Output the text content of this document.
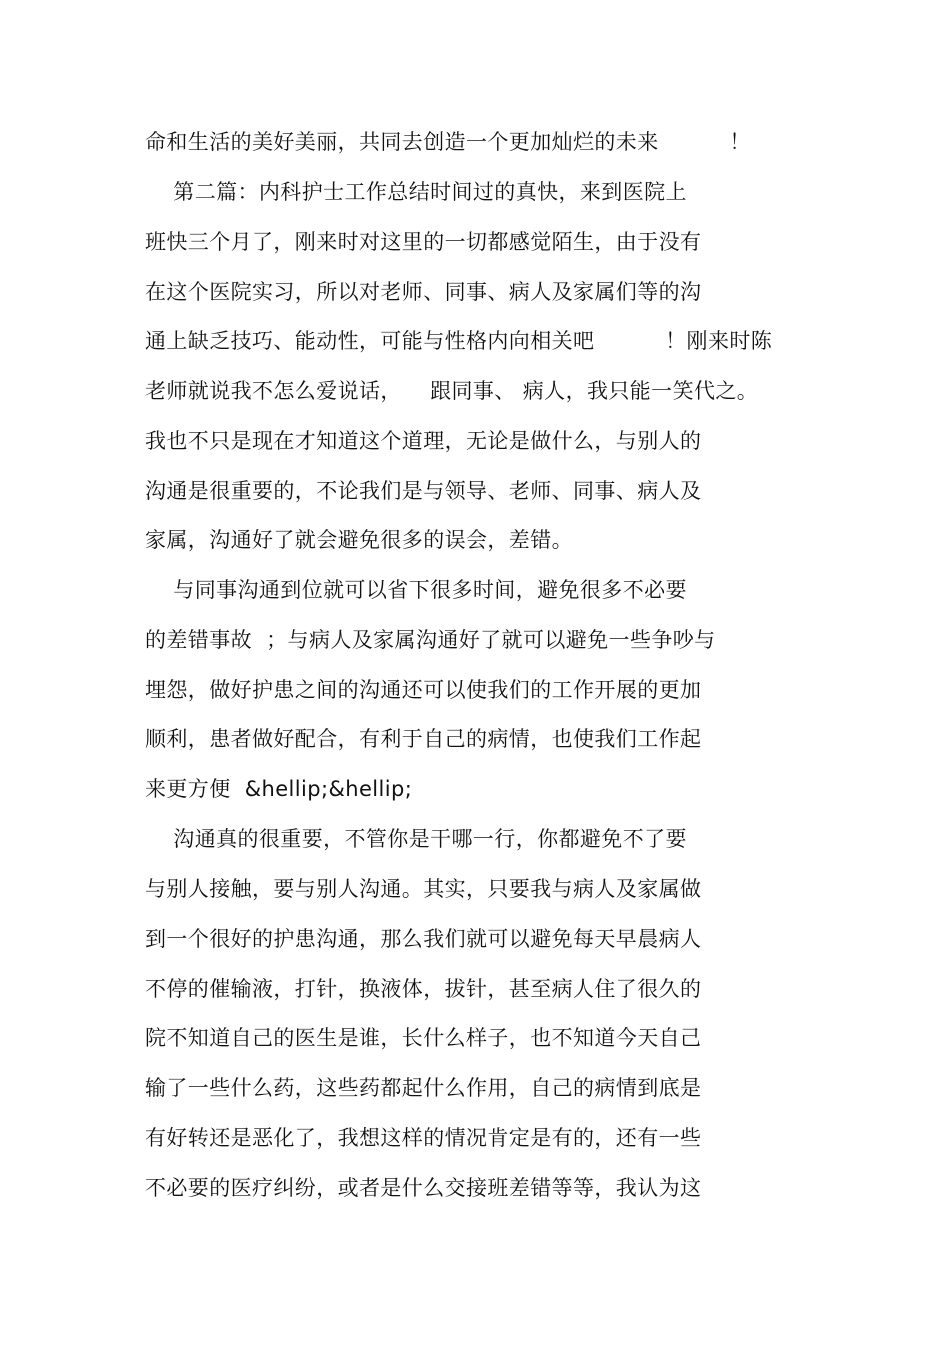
命和生活的美好美丽，共同去创造一个更加灿烂的未来          ！
第二篇：内科护士工作总结时间过的真快，来到医院上
班快三个月了，刚来时对这里的一切都感觉陌生，由于没有
在这个医院实习，所以对老师、同事、病人及家属们等的沟
通上缺乏技巧、能动性，可能与性格内向相关吧          ！刚来时陈
老师就说我不怎么爱说话，    跟同事、 病人，我只能一笑代之。
我也不只是现在才知道这个道理，无论是做什么，与别人的
沟通是很重要的，不论我们是与领导、老师、同事、病人及
家属，沟通好了就会避免很多的误会，差错。
与同事沟通到位就可以省下很多时间，避免很多不必要
的差错事故  ；与病人及家属沟通好了就可以避免一些争吵与
埋怨，做好护患之间的沟通还可以使我们的工作开展的更加
顺利，患者做好配合，有利于自己的病情，也使我们工作起
来更方便  &hellip;&hellip;
沟通真的很重要，不管你是干哪一行，你都避免不了要
与别人接触，要与别人沟通。其实，只要我与病人及家属做
到一个很好的护患沟通，那么我们就可以避免每天早晨病人
不停的催输液，打针，换液体，拔针，甚至病人住了很久的
院不知道自己的医生是谁，长什么样子，也不知道今天自己
输了一些什么药，这些药都起什么作用，自己的病情到底是
有好转还是恶化了，我想这样的情况肯定是有的，还有一些
不必要的医疗纠纷，或者是什么交接班差错等等，我认为这
